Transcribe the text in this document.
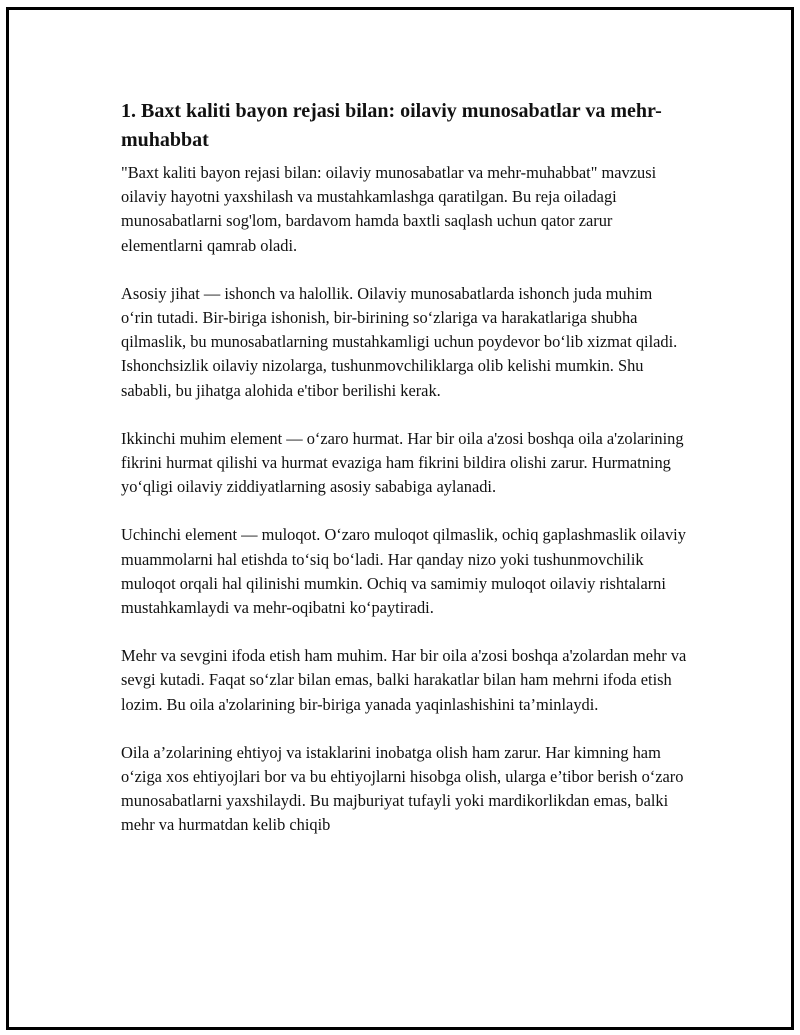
1. Baxt kaliti bayon rejasi bilan: oilaviy munosabatlar va mehr-muhabbat

"Baxt kaliti bayon rejasi bilan: oilaviy munosabatlar va mehr-muhabbat" mavzusi oilaviy hayotni yaxshilash va mustahkamlashga qaratilgan. Bu reja oiladagi munosabatlarni sog'lom, bardavom hamda baxtli saqlash uchun qator zarur elementlarni qamrab oladi.

Asosiy jihat — ishonch va halollik. Oilaviy munosabatlarda ishonch juda muhim o‘rin tutadi. Bir-biriga ishonish, bir-birining so‘zlariga va harakatlariga shubha qilmaslik, bu munosabatlarning mustahkamligi uchun poydevor bo‘lib xizmat qiladi. Ishonchsizlik oilaviy nizolarga, tushunmovchiliklarga olib kelishi mumkin. Shu sababli, bu jihatga alohida e'tibor berilishi kerak.

Ikkinchi muhim element — o‘zaro hurmat. Har bir oila a'zosi boshqa oila a'zolarining fikrini hurmat qilishi va hurmat evaziga ham fikrini bildira olishi zarur. Hurmatning yo‘qligi oilaviy ziddiyatlarning asosiy sababiga aylanadi.

Uchinchi element — muloqot. O‘zaro muloqot qilmaslik, ochiq gaplashmaslik oilaviy muammolarni hal etishda to‘siq bo‘ladi. Har qanday nizo yoki tushunmovchilik muloqot orqali hal qilinishi mumkin. Ochiq va samimiy muloqot oilaviy rishtalarni mustahkamlaydi va mehr-oqibatni ko‘paytiradi.

Mehr va sevgini ifoda etish ham muhim. Har bir oila a'zosi boshqa a'zolardan mehr va sevgi kutadi. Faqat so‘zlar bilan emas, balki harakatlar bilan ham mehrni ifoda etish lozim. Bu oila a'zolarining bir-biriga yanada yaqinlashishini ta’minlaydi.

Oila a’zolarining ehtiyoj va istaklarini inobatga olish ham zarur. Har kimning ham o‘ziga xos ehtiyojlari bor va bu ehtiyojlarni hisobga olish, ularga e’tibor berish o‘zaro munosabatlarni yaxshilaydi. Bu majburiyat tufayli yoki mardikorlikdan emas, balki mehr va hurmatdan kelib chiqib
